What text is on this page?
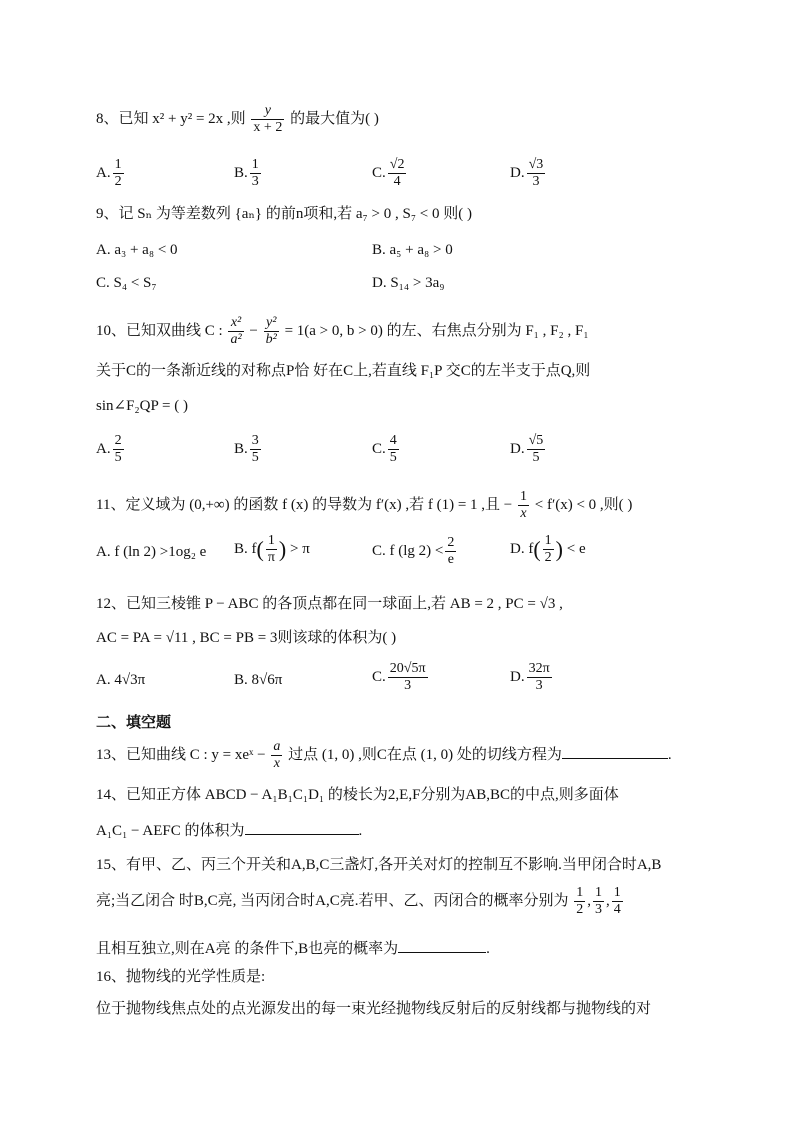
8、已知 x² + y² = 2x ,则 $\frac{y}{x + 2}$ 的最大值为( )
A. $\frac{1}{2}$	B. $\frac{1}{3}$	C. $\frac{√2}{4}$	D. $\frac{√3}{3}$
9、记 Sₙ 为等差数列 {aₙ} 的前n项和,若 a₇ > 0 , S₇ < 0 则( )
A. a₃ + a₈ < 0	B. a₅ + a₈ > 0
C. S₄ < S₇	D. S₁₄ > 3a₉
10、已知双曲线 C : $\frac{\text{x²}}{\text{a²}} - \frac{\text{y²}}{\text{b²}} = 1(a > 0$, b > 0) 的左、右焦点分别为 F₁ , F₂ , F₁
关于C的一条渐近线的对称点P恰 好在C上,若直线 F₁P 交C的左半支于点Q,则
sin∠F₂QP = ( )
A. $\frac{2}{5}$	B. $\frac{3}{5}$	C. $\frac{4}{5}$	D. $\frac{√5}{5}$
11、定义域为 (0,+∞) 的函数 f (x) 的导数为 f′(x) ,若 f (1) = 1 ,且 − $\frac{1}{x} < f'(x) < 0$ ,则( )
A. f (ln 2) >1og₂ e B. $f( \frac{1}{\pi}$ ) > π	C. f (lg $2) < \frac{2}{e}$	D. $f( \frac{1}{2}$ ) < e
12、已知三棱锥 P − ABC 的各顶点都在同一球面上,若 AB = 2 , PC = √3 ,
AC = PA = √11 , BC = PB = 3则该球的体积为( )
A. 4√3π	B. 8√6π	C. $\frac{20√5\pi}{3}$	D. $\frac{32\pi}{3}$
二、填空题
13、已知曲线 C : y = xeˣ − $\frac{a}{x}$ 过点 (1, 0) ,则C在点 (1, 0) 处的切线方程为	.
14、已知正方体 ABCD − A₁B₁C₁D₁ 的棱长为2,E,F分别为AB,BC的中点,则多面体
A₁C₁ − AEFC 的体积为	.
15、有甲、乙、丙三个开关和A,B,C三盏灯,各开关对灯的控制互不影响.当甲闭合时A,B
亮;当乙闭合 时B,C亮, 当丙闭合时A,C亮.若甲、乙、丙闭合的概率分别为 $\frac{1}{2}$ , $\frac{1}{3}$ , $\frac{1}{4}$
且相互独立,则在A亮 的条件下,B也亮的概率为	.
16、抛物线的光学性质是:
位于抛物线焦点处的点光源发出的每一束光经抛物线反射后的反射线都与抛物线的对
